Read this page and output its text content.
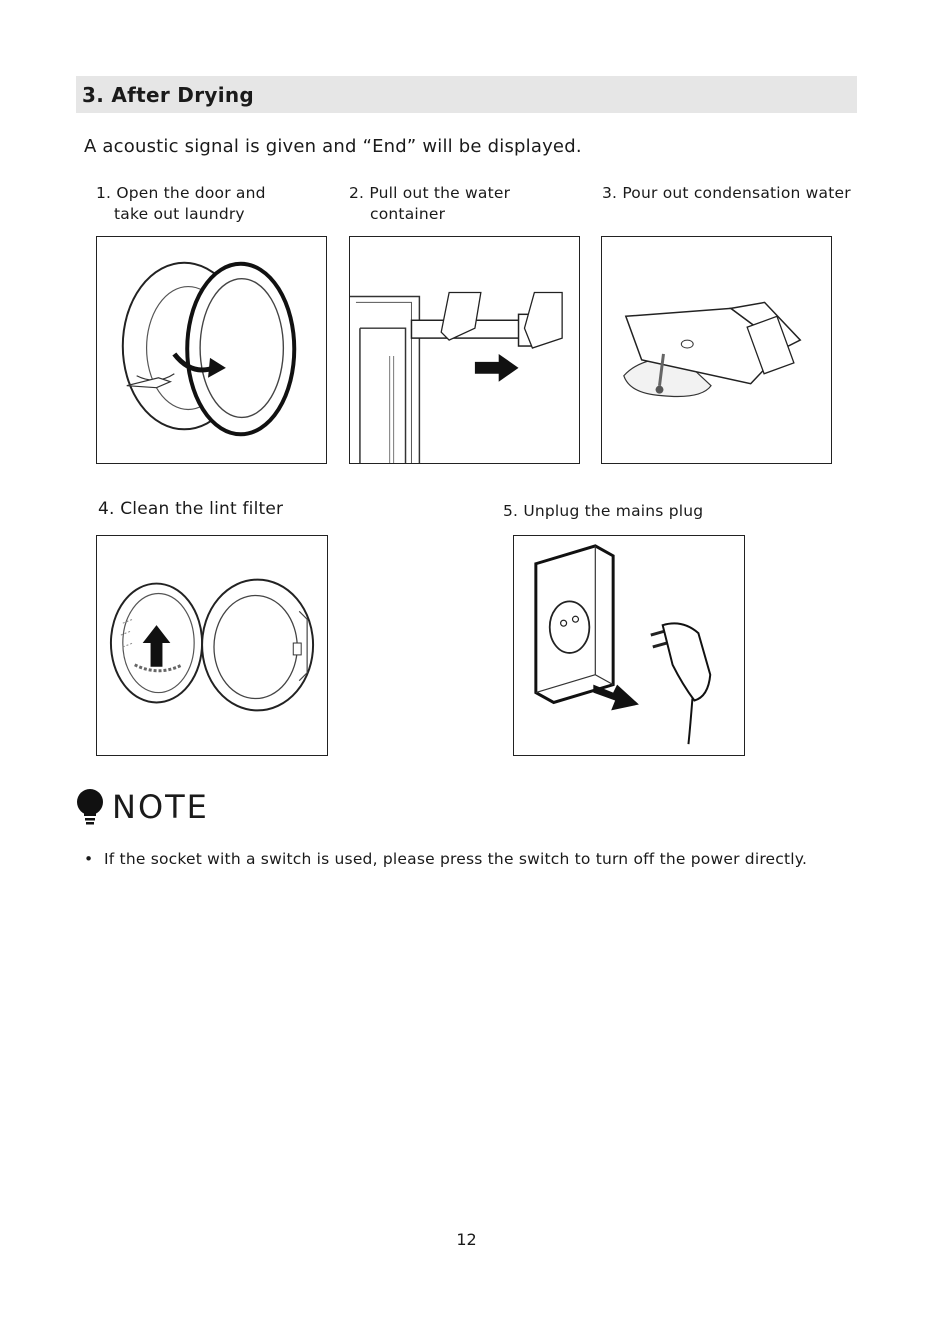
3. After Drying
A acoustic signal is given and “End” will be displayed.
1. Open the door and
take out laundry
2. Pull out the water
container
3. Pour out condensation water
4. Clean the lint filter	5. Unplug the mains plug
NOTE
• If the socket with a switch is used, please press the switch to turn off the power directly.
12
